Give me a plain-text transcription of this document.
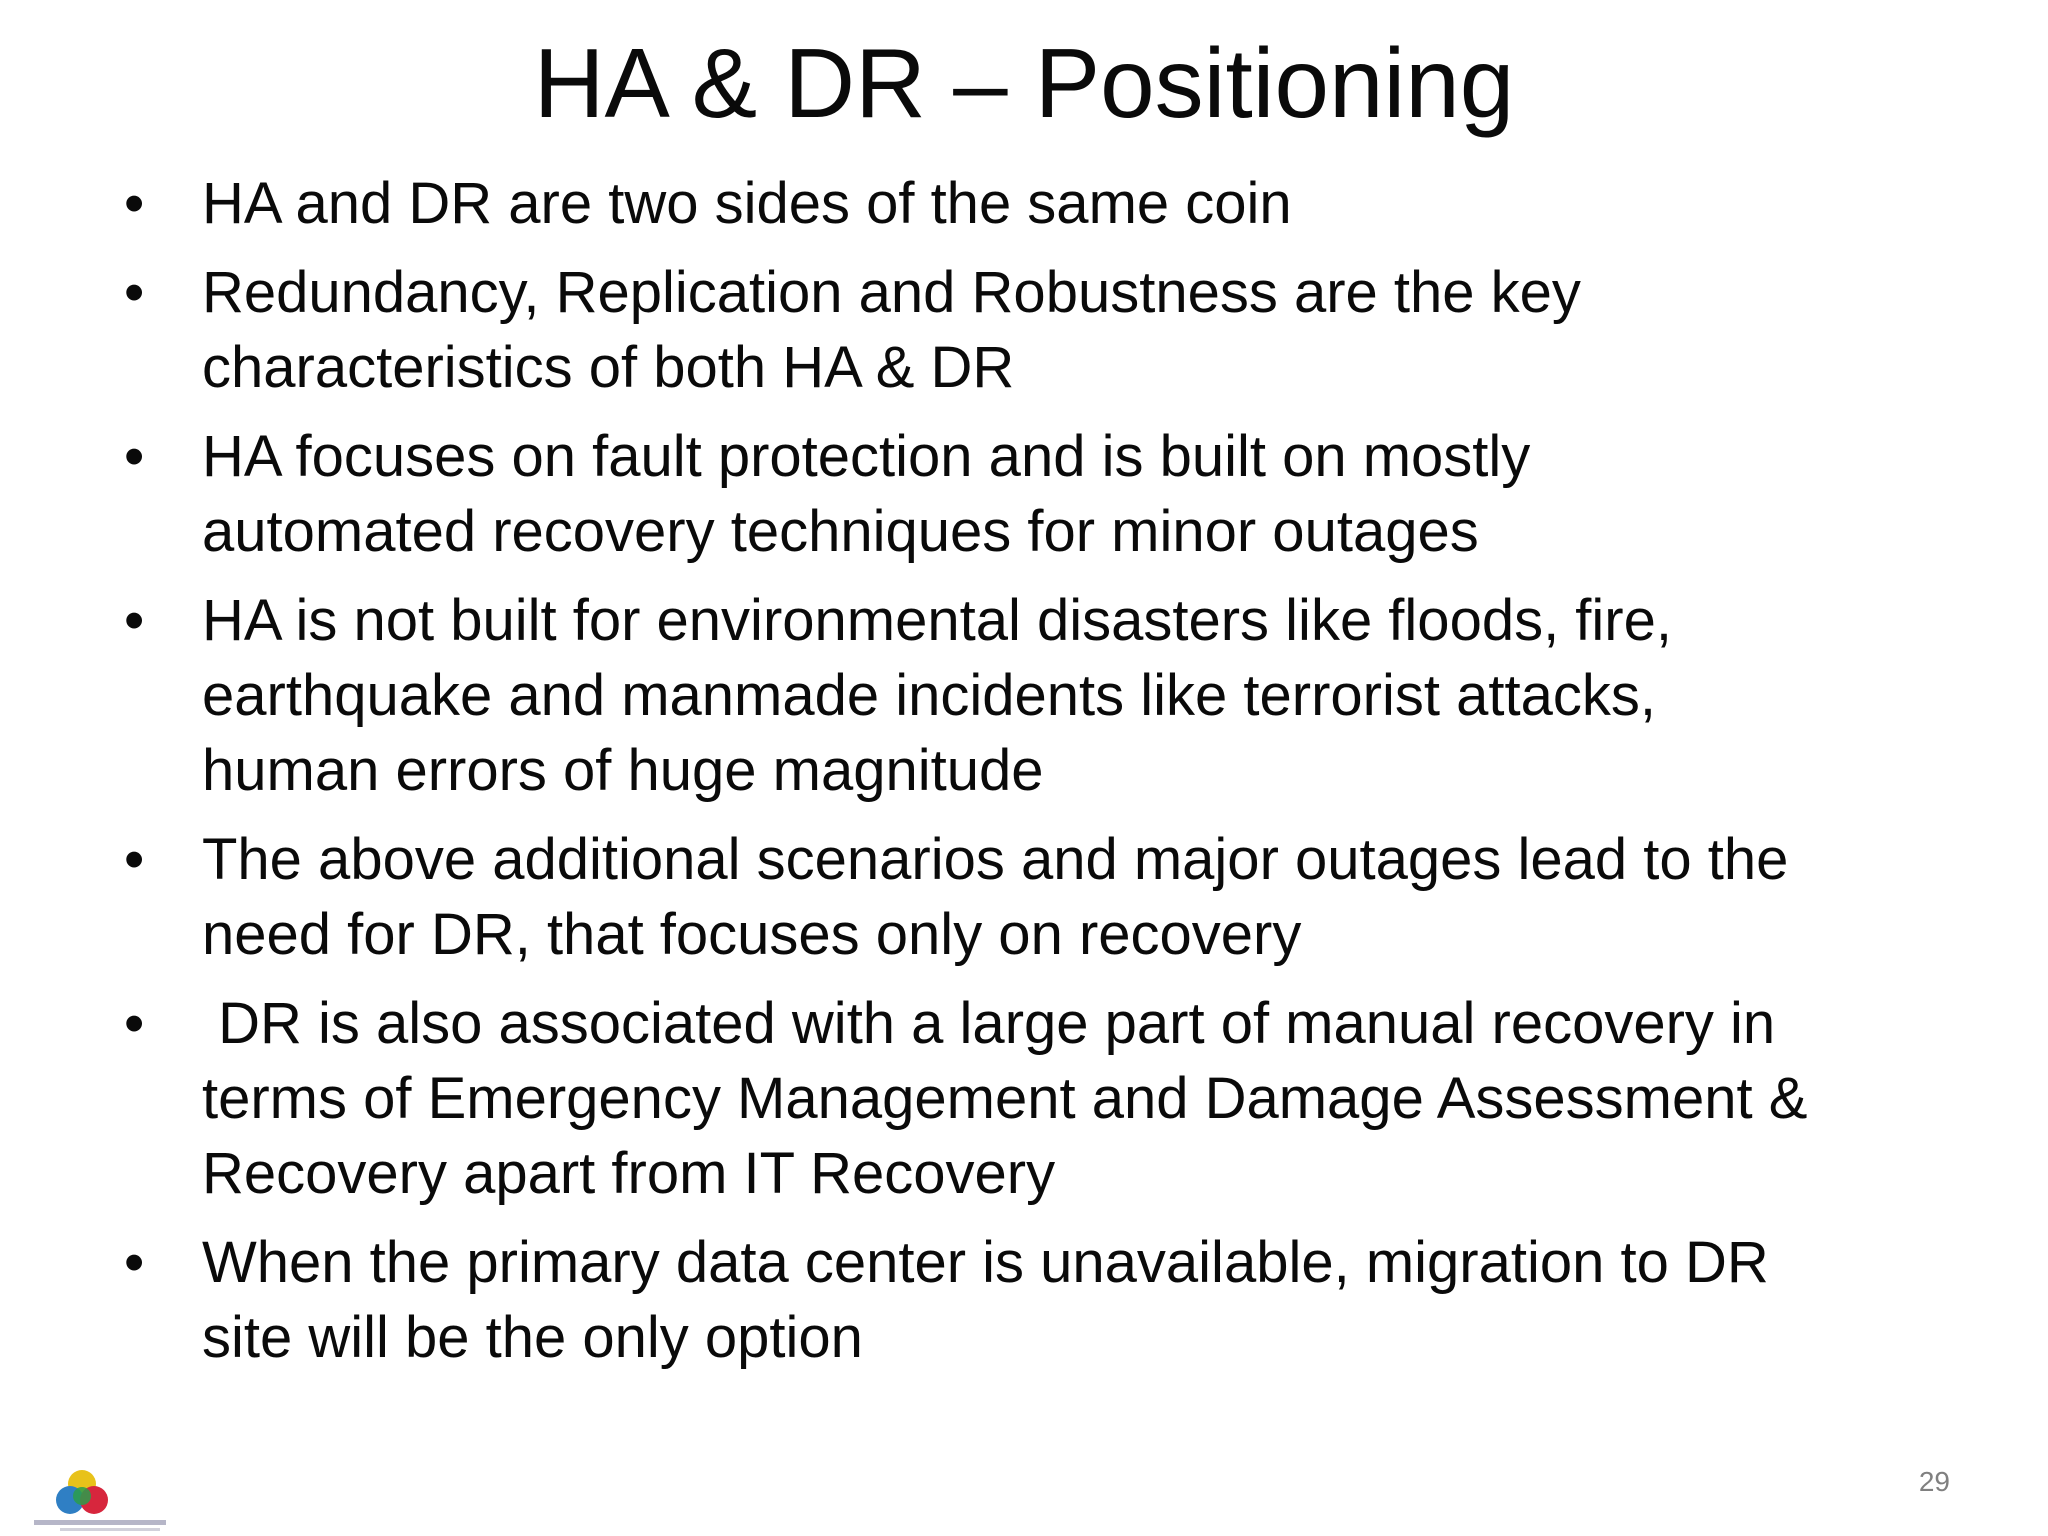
HA & DR – Positioning
• HA and DR are two sides of the same coin
• Redundancy, Replication and Robustness are the key
characteristics of both HA & DR
• HA focuses on fault protection and is built on mostly
automated recovery techniques for minor outages
• HA is not built for environmental disasters like floods, fire,
earthquake and manmade incidents like terrorist attacks,
human errors of huge magnitude
• The above additional scenarios and major outages lead to the
need for DR, that focuses only on recovery
• DR is also associated with a large part of manual recovery in
terms of Emergency Management and Damage Assessment &
Recovery apart from IT Recovery
• When the primary data center is unavailable, migration to DR
site will be the only option
29
